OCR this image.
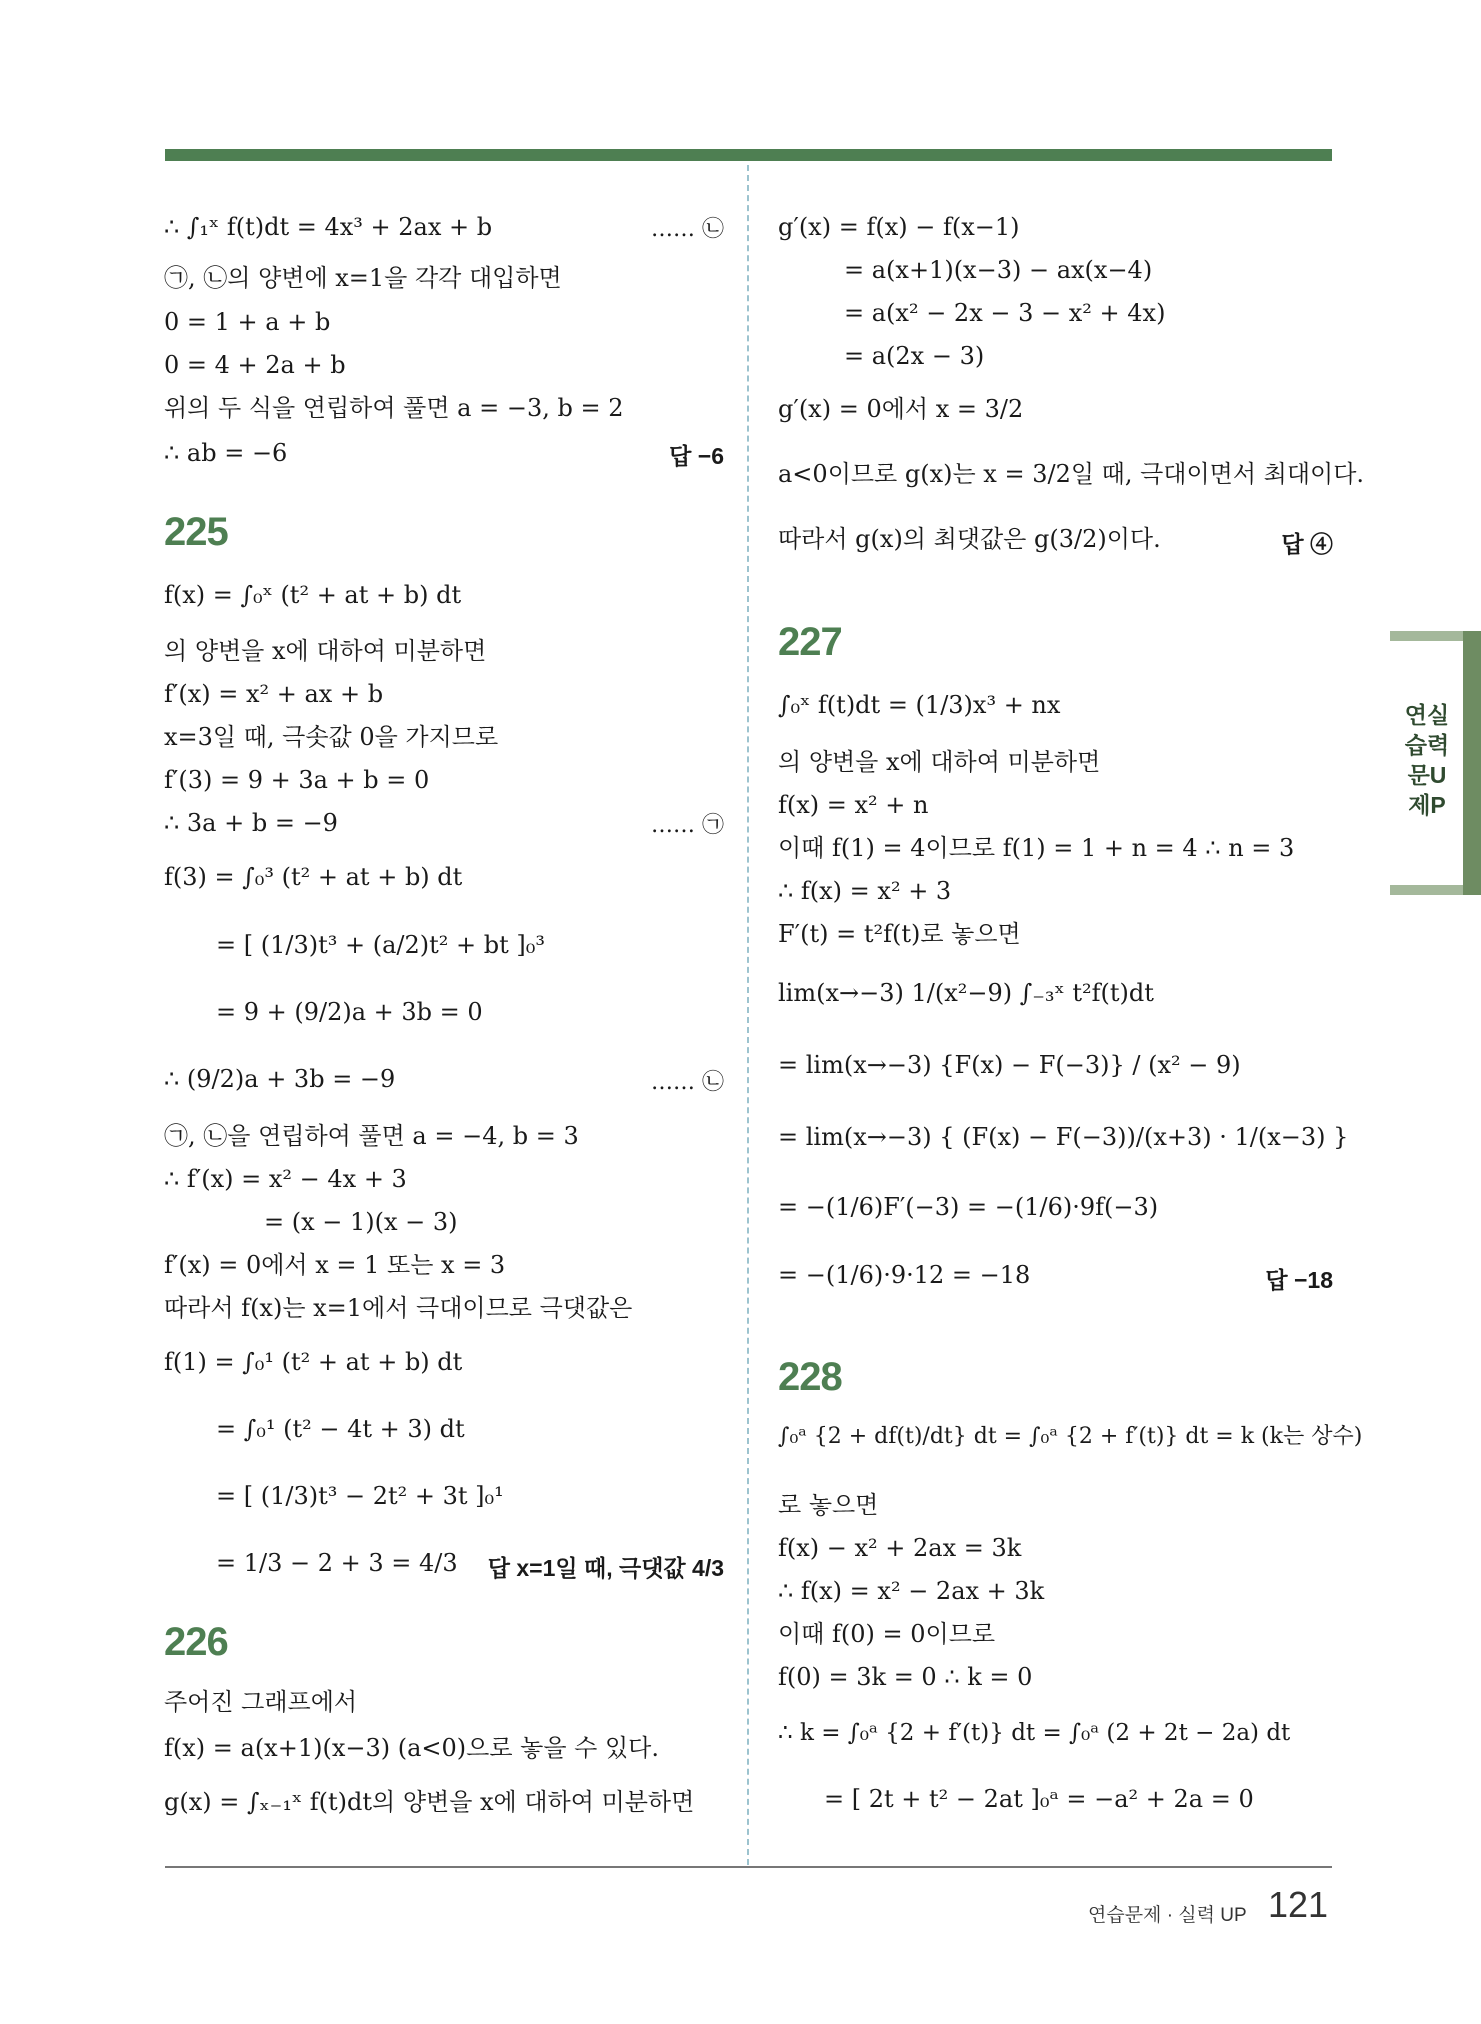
∴ ∫₁ˣ f(t)dt = 4x³ + 2ax + b	…… ㉡
㉠, ㉡의 양변에 x=1을 각각 대입하면
0 = 1 + a + b
0 = 4 + 2a + b
위의 두 식을 연립하여 풀면 a = −3, b = 2
∴ ab = −6	답 −6
225
f(x) = ∫₀ˣ (t² + at + b) dt
의 양변을 x에 대하여 미분하면
f′(x) = x² + ax + b
x=3일 때, 극솟값 0을 가지므로
f′(3) = 9 + 3a + b = 0
∴ 3a + b = −9	…… ㉠
f(3) = ∫₀³ (t² + at + b) dt
= [ (1/3)t³ + (a/2)t² + bt ]₀³
= 9 + (9/2)a + 3b = 0
∴ (9/2)a + 3b = −9	…… ㉡
㉠, ㉡을 연립하여 풀면 a = −4, b = 3
∴ f′(x) = x² − 4x + 3
= (x − 1)(x − 3)
f′(x) = 0에서 x = 1 또는 x = 3
따라서 f(x)는 x=1에서 극대이므로 극댓값은
f(1) = ∫₀¹ (t² + at + b) dt
= ∫₀¹ (t² − 4t + 3) dt
= [ (1/3)t³ − 2t² + 3t ]₀¹
= 1/3 − 2 + 3 = 4/3 답 x=1일 때, 극댓값 4/3
226
주어진 그래프에서
f(x) = a(x+1)(x−3) (a<0)으로 놓을 수 있다.
g(x) = ∫ₓ₋₁ˣ f(t)dt의 양변을 x에 대하여 미분하면
g′(x) = f(x) − f(x−1)
= a(x+1)(x−3) − ax(x−4)
= a(x² − 2x − 3 − x² + 4x)
= a(2x − 3)
g′(x) = 0에서 x = 3/2
a<0이므로 g(x)는 x = 3/2일 때, 극대이면서 최대이다.
따라서 g(x)의 최댓값은 g(3/2)이다.	답 ④
227
∫₀ˣ f(t)dt = (1/3)x³ + nx
의 양변을 x에 대하여 미분하면
f(x) = x² + n
이때 f(1) = 4이므로 f(1) = 1 + n = 4 ∴ n = 3
∴ f(x) = x² + 3
F′(t) = t²f(t)로 놓으면
lim(x→−3) 1/(x²−9) ∫₋₃ˣ t²f(t)dt
= lim(x→−3) {F(x) − F(−3)} / (x² − 9)
= lim(x→−3) { (F(x) − F(−3))/(x+3) · 1/(x−3) }
= −(1/6)F′(−3) = −(1/6)·9f(−3)
= −(1/6)·9·12 = −18	답 −18
228
∫₀ᵃ {2 + df(t)/dt} dt = ∫₀ᵃ {2 + f′(t)} dt = k (k는 상수)
로 놓으면
f(x) − x² + 2ax = 3k
∴ f(x) = x² − 2ax + 3k
이때 f(0) = 0이므로
f(0) = 3k = 0 ∴ k = 0
∴ k = ∫₀ᵃ {2 + f′(t)} dt = ∫₀ᵃ (2 + 2t − 2a) dt
= [ 2t + t² − 2at ]₀ᵃ = −a² + 2a = 0
연실
습력
문U
제P
연습문제 · 실력 UP 121
